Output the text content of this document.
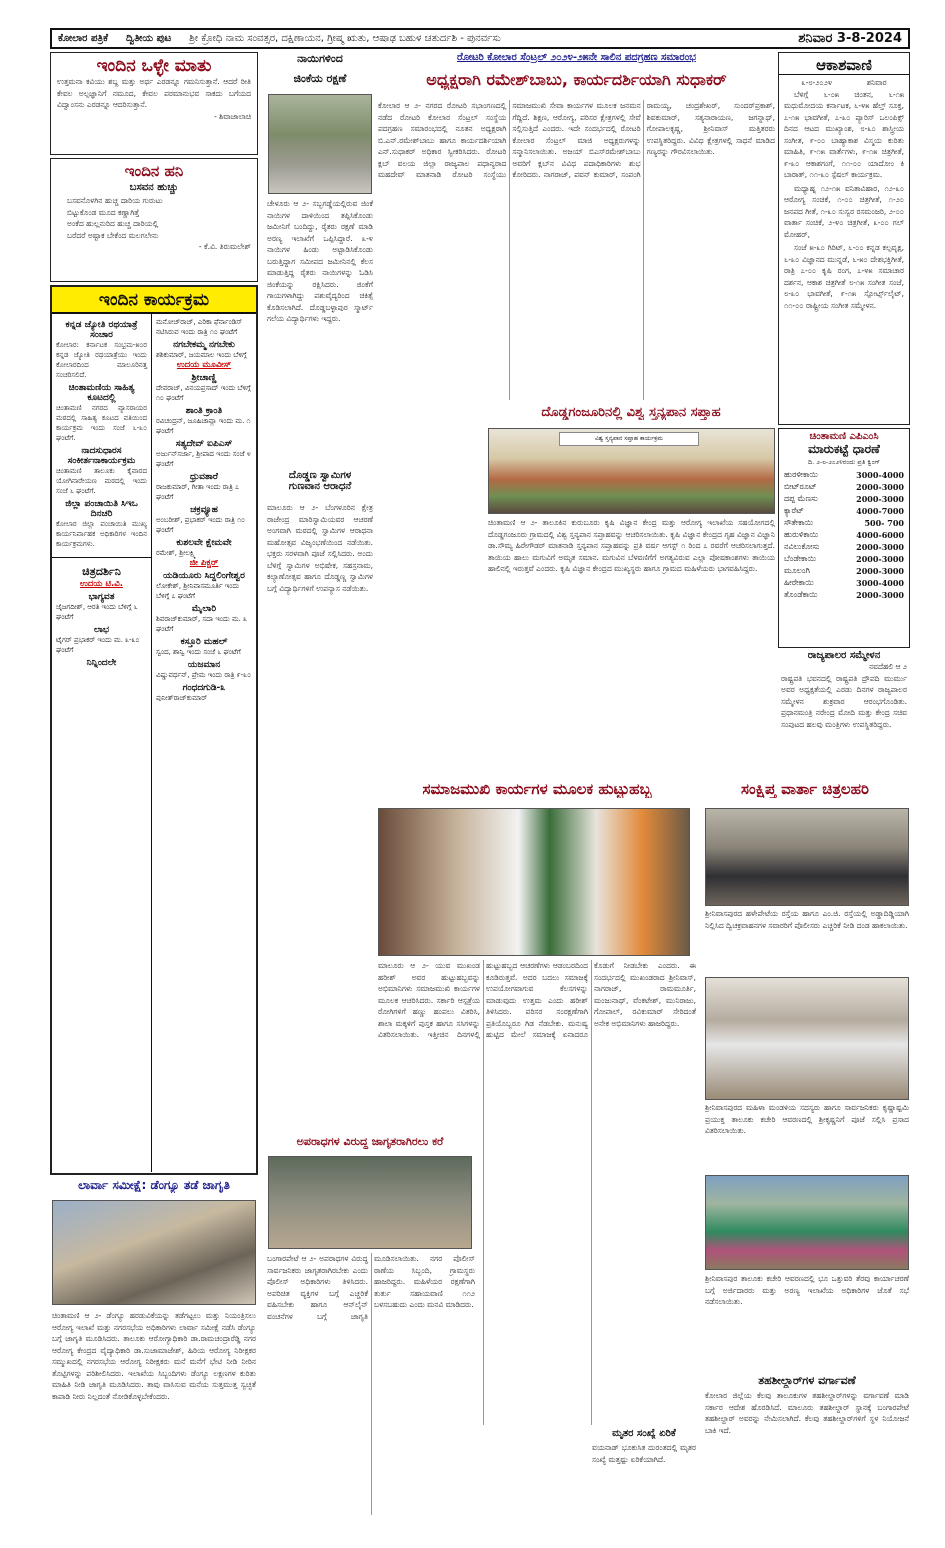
ಕೋಲಾರ ಪತ್ರಿಕೆ ದ್ವಿತೀಯ ಪುಟ ಶ್ರೀ ಕ್ರೋಧಿ ನಾಮ ಸಂವತ್ಸರ, ದಕ್ಷಿಣಾಯನ, ಗ್ರೀಷ್ಮ ಋತು, ಆಷಾಢ ಬಹುಳ ಚತುರ್ದಶಿ - ಪುನರ್ವಸು	ಶನಿವಾರ 3-8-2024
ಇಂದಿನ ಒಳ್ಳೇ ಮಾತು
ಉತ್ತಮನಾ ಕವಿಯು ಶಬ್ದ ಮತ್ತು ಅರ್ಥ ಎರಡನ್ನೂ ಗಮನಿಸುತ್ತಾನೆ. ಆದರೆ ರೀತಿ ಕೇವಲ ಅಲ್ಪಜ್ಞಾನಿಗೆ ನಮೂದ, ಕೇವಲ ಪರಮಾನುಭವ ಸಾಕದು ಬಗೆಯದ ವಿದ್ವಾಂಸನು ಎರಡನ್ನೂ ಆದರಿಸುತ್ತಾನೆ.
- ಶಿವಾಜಾಲಾಚಿ
ಇಂದಿನ ಹನಿ
ಬಸವನ ಹುಚ್ಚು
ಬಸವನೊಳಗಿನ ಹುಚ್ಚ ದಾರಿಯ ಗುರುಟು
ಬಿಟ್ಟುಕೊಂಡ ಮೂದ ಕಣ್ಣಾಗಿತ್ತೆ
ಅಂಕೆದ ಹುಲ್ಲನುರಿದ ಹುಚ್ಚ ದಾರಿಯಲ್ಲಿ
ಬರೆದರೆ ಅಷ್ಟಾಕ ಬೇಕೆಂದ ಮಲಗಲೇನು
- ಕೆ.ವಿ. ತಿರುಮಲೇಶ್
ಇಂದಿನ ಕಾರ್ಯಕ್ರಮ
ಕನ್ನಡ ಜ್ಯೋತಿ ರಥಯಾತ್ರೆ ಸಂಚಾರ
ಕೋಲಾರ: ಕರ್ನಾಟಕ ಸಂಭ್ರಮ-೫೦ರ ಕನ್ನಡ ಜ್ಯೋತಿ ರಥಯಾತ್ರೆಯು ಇಂದು ಕೋಲಾರದಿಂದ ಮಾಲೂರಿನತ್ತ ಸಂಚರಿಸಲಿದೆ.
ಚಿಂತಾಮಣಿಯ ಸಾಹಿತ್ಯ ಕೂಟದಲ್ಲಿ
ಚಿಂತಾಮಣಿ ನಗರದ ವ್ಯಾಸರಾಯರ ಮಠದಲ್ಲಿ ಸಾಹಿತ್ಯ ಕೂಟದ ವತಿಯಿಂದ ಕಾರ್ಯಕ್ರಮ ಇಂದು ಸಂಜೆ ೬-೩೦ ಘಂಟೆಗೆ.
ನಾದಸುಧಾರಸ ಸಂಕೀರ್ತನಾಕಾರ್ಯಕ್ರಮ
ಚಿಂತಾಮಣಿ ತಾಲೂಕು ಕೈವಾರದ ಯೋಗಿನಾರೇಯಣ ಮಠದಲ್ಲಿ ಇಂದು ಸಂಜೆ ೬ ಘಂಟೆಗೆ.
ಜಿಲ್ಲಾ ಪಂಚಾಯಿತಿ ಸಿಇಒ ದಿನಚರಿ
ಕೋಲಾರ ಜಿಲ್ಲಾ ಪಂಚಾಯಿತಿ ಮುಖ್ಯ ಕಾರ್ಯನಿರ್ವಾಹಕ ಅಧಿಕಾರಿಗಳ ಇಂದಿನ ಕಾರ್ಯಕ್ರಮಗಳು.
ಚಿತ್ರದರ್ಶಿನಿ
ಉದಯ ಟಿ.ವಿ.
ಭಾಗ್ಯವತ
ಜೈಜಗದೀಶ್, ಆರತಿ ಇಂದು ಬೆಳಿಗ್ಗೆ ೬ ಘಂಟೆಗೆ
ಲಾಭ
ಟೈಗರ್ ಪ್ರಭಾಕರ್ ಇಂದು ಮ. ೩-೩೦ ಘಂಟೆಗೆ
ನಿನ್ನಿಂದಲೇ
ಮನೋಜ್‌ರಾಜ್, ಎರಿಕಾ ಫೆರ್ನಾಂಡಿಸ್ ನಟಿಸಿರುವ ಇಂದು ರಾತ್ರಿ ೧೦ ಘಂಟೆಗೆ
ನಗಬೇಕಮ್ಮ ನಗಬೇಕು
ಶಶಿಕುಮಾರ್, ಜಯಮಾಲ ಇಂದು ಬೆಳಿಗ್ಗೆ
ಉದಯ ಮೂವೀಸ್
ಶ್ರೀಚಾಣ್ಣಿ
ದೇವರಾಜ್, ವಿನಯಪ್ರಸಾದ್ ಇಂದು ಬೆಳಿಗ್ಗೆ ೧೦ ಘಂಟೆಗೆ
ಶಾಂತಿ ಕ್ರಾಂತಿ
ರವಿಚಂದ್ರನ್, ಜೂಹಿಚಾವ್ಲಾ ಇಂದು ಮ. ೧ ಘಂಟೆಗೆ
ಸತ್ಯದೇವ್ ಐಪಿಎಸ್
ಅರ್ಜುನ್‌ಸರ್ಜಾ, ಶ್ರೀಪಾದ ಇಂದು ಸಂಜೆ ೪ ಘಂಟೆಗೆ
ಧ್ರುವತಾರೆ
ರಾಜಕುಮಾರ್, ಗೀತಾ ಇಂದು ರಾತ್ರಿ ೭ ಘಂಟೆಗೆ
ಚಕ್ರವ್ಯೂಹ
ಅಂಬರೀಶ್, ಪ್ರಭಾಕರ್ ಇಂದು ರಾತ್ರಿ ೧೦ ಘಂಟೆಗೆ
ಕುಶಲವೇ ಕ್ಷೇಮವೇ
ರಮೇಶ್, ಶ್ರೀಲಕ್ಷ್ಮಿ
ಜೀ ಪಿಕ್ಚರ್
ಯಡಿಯೂರು ಸಿದ್ದಲಿಂಗೇಶ್ವರ
ಲೋಕೇಶ್, ಶ್ರೀನಿವಾಸಮೂರ್ತಿ ಇಂದು ಬೆಳಿಗ್ಗೆ ೭ ಘಂಟೆಗೆ
ಮೈಲಾರಿ
ಶಿವರಾಜ್‌ಕುಮಾರ್, ಸದಾ ಇಂದು ಮ. ೩ ಘಂಟೆಗೆ
ಕಸ್ತೂರಿ ಮಹಲ್
ಸ್ವಂದ, ಶಾನ್ವಿ ಇಂದು ಸಂಜೆ ೬ ಘಂಟೆಗೆ
ಯಜಮಾನ
ವಿಷ್ಣುವರ್ಧನ್, ಪ್ರೇಮ ಇಂದು ರಾತ್ರಿ ೯-೩೦
ಗಂಧದಗುಡಿ-೩
ಪುನೀತ್‌ರಾಜ್‌ಕುಮಾರ್
ಲಾರ್ವಾ ಸಮೀಕ್ಷೆ: ಡೆಂಗ್ಯೂ ತಡೆ ಜಾಗೃತಿ
ಚಿಂತಾಮಣಿ ಆ ೨- ಡೆಂಗ್ಯೂ ಹರಡುವಿಕೆಯನ್ನು ತಡೆಗಟ್ಟಲು ಮತ್ತು ನಿಯಂತ್ರಿಸಲು ಆರೋಗ್ಯ ಇಲಾಖೆ ಮತ್ತು ನಗರಸಭೆಯ ಅಧಿಕಾರಿಗಳು ಲಾರ್ವಾ ಸಮೀಕ್ಷೆ ನಡೆಸಿ ಡೆಂಗ್ಯೂ ಬಗ್ಗೆ ಜಾಗೃತಿ ಮೂಡಿಸಿದರು. ತಾಲೂಕು ಆರೋಗ್ಯಾಧಿಕಾರಿ ಡಾ.ರಾಮಚಂದ್ರಾರೆಡ್ಡಿ ನಗರ ಆರೋಗ್ಯ ಕೇಂದ್ರದ ವೈದ್ಯಾಧಿಕಾರಿ ಡಾ.ಸುಜಾಮಾಜೇಶ್, ಹಿರಿಯ ಆರೋಗ್ಯ ನಿರೀಕ್ಷಕರ ಸಮ್ಮುಖದಲ್ಲಿ ನಗರಸಭೆಯ ಆರೋಗ್ಯ ನಿರೀಕ್ಷಕರು ಮನೆ ಮನೆಗೆ ಭೇಟಿ ನೀಡಿ ನೀರಿನ ತೊಟ್ಟಿಗಳನ್ನು ಪರಿಶೀಲಿಸಿದರು. ಇಲಾಖೆಯ ಸಿಬ್ಬಂದಿಗಳು ಡೆಂಗ್ಯೂ ಲಕ್ಷಣಗಳ ಕುರಿತು ಮಾಹಿತಿ ನೀಡಿ ಜಾಗೃತಿ ಮೂಡಿಸಿದರು. ತಾವು ವಾಸಿಸುವ ಮನೆಯ ಸುತ್ತಮುತ್ತ ಸ್ವಚ್ಛತೆ ಕಾಪಾಡಿ ನೀರು ನಿಲ್ಲದಂತೆ ನೋಡಿಕೊಳ್ಳಬೇಕೆಂದರು.
ನಾಯಿಗಳಿಂದ
ಜಿಂಕೆಯ ರಕ್ಷಣೆ
ಚೇಳೂರು ಆ ೨- ಸಬ್ಬಗಡ್ಡೆಯಲ್ಲಿರುವ ಜಿಂಕೆ ನಾಯಿಗಳ ದಾಳಿಯಿಂದ ತಪ್ಪಿಸಿಕೊಂಡು ಜಮೀನಿಗೆ ಬಂದಿದ್ದು, ರೈತರು ರಕ್ಷಣೆ ಮಾಡಿ ಅರಣ್ಯ ಇಲಾಖೆಗೆ ಒಪ್ಪಿಸಿದ್ದಾರೆ. ೩-೪ ನಾಯಿಗಳ ಹಿಂಡು ಅಟ್ಟಾಡಿಸಿಕೊಂಡು ಬರುತ್ತಿದ್ದಾಗ ಸಮೀಪದ ಜಮೀನಿನಲ್ಲಿ ಕೆಲಸ ಮಾಡುತ್ತಿದ್ದ ರೈತರು ನಾಯಿಗಳನ್ನು ಓಡಿಸಿ ಜಿಂಕೆಯನ್ನು ರಕ್ಷಿಸಿದರು. ಜಿಂಕೆಗೆ ಗಾಯಗಳಾಗಿದ್ದು ಪಶುವೈದ್ಯರಿಂದ ಚಿಕಿತ್ಸೆ ಕೊಡಿಸಲಾಗಿದೆ. ದೊಡ್ಡಬಳ್ಳಾಪುರ ಸ್ಮಾರ್ಟ್ ಗಲೆಯ ವಿದ್ಯಾರ್ಥಿಗಳು ಇದ್ದರು.
ದೊಡ್ಡಣ ಸ್ವಾಮಿಗಳ
ಗುಣವಾನ ಆರಾಧನೆ
ಮಾಲೂರು ಆ ೨- ಬೆಂಗಳೂರಿನ ಕ್ಷೇತ್ರ ರಾಜೇಂದ್ರ ಮಾರಿಸ್ವಾಮಿಯವರ ಆಚರಣೆ ಅಂಗವಾಗಿ ಮಠದಲ್ಲಿ ಸ್ವಾಮಿಗಳ ಆರಾಧನಾ ಮಹೋತ್ಸವ ವಿಜೃಂಭಣೆಯಿಂದ ನಡೆಯಿತು. ಭಕ್ತರು ಸರಳವಾಗಿ ಪೂಜೆ ಸಲ್ಲಿಸಿದರು. ಅಂದು ಬೆಳಿಗ್ಗೆ ಸ್ವಾಮಿಗಳ ಅಭಿಷೇಕ, ಸಹಸ್ರನಾಮ, ಕಲ್ಯಾಣೋತ್ಸವ ಹಾಗೂ ದೊಡ್ಡಣ್ಣ ಸ್ವಾಮಿಗಳ ಬಗ್ಗೆ ವಿದ್ಯಾರ್ಥಿಗಳಿಗೆ ಉಪನ್ಯಾಸ ನಡೆಯಿತು.
ಅಪರಾಧಗಳ ವಿರುದ್ಧ ಜಾಗೃತರಾಗಿರಲು ಕರೆ
ಬಂಗಾರಪೇಟೆ ಆ ೨- ಅಪರಾಧಗಳ ವಿರುದ್ಧ ಸಾರ್ವಜನಿಕರು ಜಾಗೃತರಾಗಿರಬೇಕು ಎಂದು ಪೊಲೀಸ್ ಅಧಿಕಾರಿಗಳು ತಿಳಿಸಿದರು. ಅಪರಿಚಿತ ವ್ಯಕ್ತಿಗಳ ಬಗ್ಗೆ ಎಚ್ಚರಿಕೆ ವಹಿಸಬೇಕು ಹಾಗೂ ಆನ್‌ಲೈನ್ ವಂಚನೆಗಳ ಬಗ್ಗೆ ಜಾಗೃತಿ ಮೂಡಿಸಲಾಯಿತು. ನಗರ ಪೊಲೀಸ್ ಠಾಣೆಯ ಸಿಬ್ಬಂದಿ, ಗ್ರಾಮಸ್ಥರು ಹಾಜರಿದ್ದರು. ಮಹಿಳೆಯರ ರಕ್ಷಣೆಗಾಗಿ ತುರ್ತು ಸಹಾಯವಾಣಿ ೧೧೨ ಬಳಸಬಹುದು ಎಂದು ಮನವಿ ಮಾಡಿದರು.
ರೋಟರಿ ಕೋಲಾರ ಸೆಂಟ್ರಲ್ ೨೦೨೪-೨೫ನೇ ಸಾಲಿನ ಪದಗ್ರಹಣ ಸಮಾರಂಭ
ಅಧ್ಯಕ್ಷರಾಗಿ ರಮೇಶ್‌ಬಾಬು, ಕಾರ್ಯದರ್ಶಿಯಾಗಿ ಸುಧಾಕರ್
ಕೋಲಾರ ಆ ೨- ನಗರದ ರೋಟರಿ ಸಭಾಂಗಣದಲ್ಲಿ ನಡೆದ ರೋಟರಿ ಕೋಲಾರ ಸೆಂಟ್ರಲ್ ಸಂಸ್ಥೆಯ ಪದಗ್ರಹಣ ಸಮಾರಂಭದಲ್ಲಿ ನೂತನ ಅಧ್ಯಕ್ಷರಾಗಿ ಬಿ.ಎನ್.ರಮೇಶ್‌ಬಾಬು ಹಾಗೂ ಕಾರ್ಯದರ್ಶಿಯಾಗಿ ಎನ್.ಸುಧಾಕರ್ ಅಧಿಕಾರ ಸ್ವೀಕರಿಸಿದರು. ರೋಟರಿ ಕ್ಲಬ್ ವಲಯ ಜಿಲ್ಲಾ ರಾಜ್ಯಪಾಲ ಪಧಾನ್ಯರಾದ ಮಹದೇವ್ ಮಾತನಾಡಿ ರೋಟರಿ ಸಂಸ್ಥೆಯು ಸಮಾಜಮುಖಿ ಸೇವಾ ಕಾರ್ಯಗಳ ಮೂಲಕ ಜನಮನ ಗೆದ್ದಿದೆ. ಶಿಕ್ಷಣ, ಆರೋಗ್ಯ, ಪರಿಸರ ಕ್ಷೇತ್ರಗಳಲ್ಲಿ ಸೇವೆ ಸಲ್ಲಿಸುತ್ತಿದೆ ಎಂದರು. ಇದೇ ಸಂದರ್ಭದಲ್ಲಿ ರೋಟರಿ ಕೋಲಾರ ಸೆಂಟ್ರಲ್ ಮಾಜಿ ಅಧ್ಯಕ್ಷರುಗಳನ್ನು ಸನ್ಮಾನಿಸಲಾಯಿತು. ಅಜಯ್ ಬಿಎಸ್‌ರಮೇಶ್‌ಬಾಬು ಅವರಿಗೆ ಕ್ಲಬ್‌ನ ವಿವಿಧ ಪದಾಧಿಕಾರಿಗಳು ಶುಭ ಕೋರಿದರು. ನಾಗರಾಜ್, ಪವನ್ ಕುಮಾರ್, ಸಂಪಂಗಿ ರಾಮಯ್ಯ, ಚಂದ್ರಶೇಖರ್, ಸುಂದರ್‌ಪ್ರಕಾಶ್, ಶಿವಕುಮಾರ್, ಸತ್ಯನಾರಾಯಣ, ಜಗನ್ನಾಥ್, ಗೋಪಾಲಕೃಷ್ಣ, ಶ್ರೀನಿವಾಸ್ ಮತ್ತಿತರರು ಉಪಸ್ಥಿತರಿದ್ದರು. ವಿವಿಧ ಕ್ಷೇತ್ರಗಳಲ್ಲಿ ಸಾಧನೆ ಮಾಡಿದ ಗಣ್ಯರನ್ನು ಗೌರವಿಸಲಾಯಿತು.
ದೊಡ್ಡಗಂಜೂರಿನಲ್ಲಿ ವಿಶ್ವ ಸ್ತನ್ಯಪಾನ ಸಪ್ತಾಹ
ವಿಶ್ವ ಸ್ತನ್ಯಪಾನ ಸಪ್ತಾಹ ಕಾರ್ಯಕ್ರಮ
ಚಿಂತಾಮಣಿ ಆ ೨- ತಾಲೂಕಿನ ಕುರುಬೂರು ಕೃಷಿ ವಿಜ್ಞಾನ ಕೇಂದ್ರ ಮತ್ತು ಆರೋಗ್ಯ ಇಲಾಖೆಯ ಸಹಯೋಗದಲ್ಲಿ ದೊಡ್ಡಗಂಜೂರು ಗ್ರಾಮದಲ್ಲಿ ವಿಶ್ವ ಸ್ತನ್ಯಪಾನ ಸಪ್ತಾಹವನ್ನು ಆಚರಿಸಲಾಯಿತು. ಕೃಷಿ ವಿಜ್ಞಾನ ಕೇಂದ್ರದ ಗೃಹ ವಿಜ್ಞಾನ ವಿಜ್ಞಾನಿ ಡಾ.ಸೌಮ್ಯ ಹಿರೇಗೌಡರ್ ಮಾತನಾಡಿ ಸ್ತನ್ಯಪಾನ ಸಪ್ತಾಹವನ್ನು ಪ್ರತಿ ವರ್ಷ ಆಗಸ್ಟ್ ೧ ರಿಂದ ೭ ರವರೆಗೆ ಆಚರಿಸಲಾಗುತ್ತದೆ. ತಾಯಿಯ ಹಾಲು ಮಗುವಿಗೆ ಅಮೃತ ಸಮಾನ. ಮಗುವಿನ ಬೆಳವಣಿಗೆಗೆ ಅಗತ್ಯವಿರುವ ಎಲ್ಲಾ ಪೋಷಕಾಂಶಗಳು ತಾಯಿಯ ಹಾಲಿನಲ್ಲಿ ಇರುತ್ತವೆ ಎಂದರು. ಕೃಷಿ ವಿಜ್ಞಾನ ಕೇಂದ್ರದ ಮುಖ್ಯಸ್ಥರು ಹಾಗೂ ಗ್ರಾಮದ ಮಹಿಳೆಯರು ಭಾಗವಹಿಸಿದ್ದರು.
ಸಮಾಜಮುಖಿ ಕಾರ್ಯಗಳ ಮೂಲಕ ಹುಟ್ಟುಹಬ್ಬ
ಮಾಲೂರು ಆ ೨- ಯುವ ಮುಖಂಡ ಹರೀಶ್ ಅವರ ಹುಟ್ಟುಹಬ್ಬವನ್ನು ಅಭಿಮಾನಿಗಳು ಸಮಾಜಮುಖಿ ಕಾರ್ಯಗಳ ಮೂಲಕ ಆಚರಿಸಿದರು. ಸರ್ಕಾರಿ ಆಸ್ಪತ್ರೆಯ ರೋಗಿಗಳಿಗೆ ಹಣ್ಣು ಹಂಪಲು ವಿತರಿಸಿ, ಶಾಲಾ ಮಕ್ಕಳಿಗೆ ಪುಸ್ತಕ ಹಾಗೂ ಸಸಿಗಳನ್ನು ವಿತರಿಸಲಾಯಿತು. ಇತ್ತೀಚಿನ ದಿನಗಳಲ್ಲಿ ಹುಟ್ಟುಹಬ್ಬದ ಆಚರಣೆಗಳು ಆಡಂಬರದಿಂದ ಕೂಡಿರುತ್ತವೆ. ಅದರ ಬದಲು ಸಮಾಜಕ್ಕೆ ಉಪಯೋಗವಾಗುವ ಕೆಲಸಗಳನ್ನು ಮಾಡುವುದು ಉತ್ತಮ ಎಂದು ಹರೀಶ್ ತಿಳಿಸಿದರು. ಪರಿಸರ ಸಂರಕ್ಷಣೆಗಾಗಿ ಪ್ರತಿಯೊಬ್ಬರೂ ಗಿಡ ನೆಡಬೇಕು. ಮನುಷ್ಯ ಹುಟ್ಟಿದ ಮೇಲೆ ಸಮಾಜಕ್ಕೆ ಏನಾದರೂ ಕೊಡುಗೆ ನೀಡಬೇಕು ಎಂದರು. ಈ ಸಂದರ್ಭದಲ್ಲಿ ಮುಖಂಡರಾದ ಶ್ರೀನಿವಾಸ್, ನಾಗರಾಜ್, ರಾಮಮೂರ್ತಿ, ಮಂಜುನಾಥ್, ವೆಂಕಟೇಶ್, ಮುನಿರಾಜು, ಗೋಪಾಲ್, ರವಿಕುಮಾರ್ ಸೇರಿದಂತೆ ಅನೇಕ ಅಭಿಮಾನಿಗಳು ಹಾಜರಿದ್ದರು.
ಮೃತರ ಸಂಖ್ಯೆ ಏರಿಕೆ
ವಯನಾಡ್ ಭೂಕುಸಿತ ದುರಂತದಲ್ಲಿ ಮೃತರ ಸಂಖ್ಯೆ ಮತ್ತಷ್ಟು ಏರಿಕೆಯಾಗಿದೆ.
ಆಕಾಶವಾಣಿ
೩-೮-೨೦೨೪	ಶನಿವಾರ

ಬೆಳಿಗ್ಗೆ ೬-೦೫ ಚಿಂತನ, ೬-೧೫ ಮಧುಮೋದಯ ಕರ್ನಾಟಕ, ೬-೪೫ ಹೆಲ್ತ್ ಸೂಕ್ತ, ೭-೧೫ ಭಾವಗೀತೆ, ೭-೩೦ ಪ್ಯಾರಿಸ್ ಒಲಂಪಿಕ್ಸ್ ದಿನದ ಆಟದ ಮುಖ್ಯಾಂಶ, ೮-೩೦ ಶಾಸ್ತ್ರೀಯ ಸಂಗೀತ, ೯-೦೦ ಬಾಹ್ಯಾಕಾಶ ವಿಸ್ಮಯ ಕುರಿತು ಮಾಹಿತಿ, ೯-೧೫ ವಾರ್ತೆಗಳು, ೯-೧೫ ಚಿತ್ರಗೀತೆ, ೯-೩೦ ಆಕಾಶಗಂಗೆ, ೧೧-೦೦ ಯಾದೋಂ ಕಿ ಬಾರಾತ್, ೧೧-೩೦ ಸ್ಪೆಷಲ್ ಕಾರ್ಯಕ್ರಮ.

ಮಧ್ಯಾಹ್ನ ೧೨-೧೫ ವನಿತಾವಿಹಾರ, ೧೨-೩೦ ಆರೋಗ್ಯ ಸಂಚಿಕೆ, ೧-೦೦ ಚಿತ್ರಗೀತೆ, ೧-೨೦ ಜನಪದ ಗೀತೆ, ೧-೩೦ ಸುಸ್ವರ ರಸಮಂಜರಿ, ೨-೦೦ ವಾರ್ತಾ ಸಂಚಿಕೆ, ೨-೪೦ ಚಿತ್ರಗೀತೆ, ೩-೦೦ ಗಲ್ ಮೋಹರ್,

ಸಂಜೆ ೫-೩೦ ಗಿರಿಟ್, ೬-೦೦ ಕನ್ನಡ ಕಲ್ಪವೃಕ್ಷ, ೬-೩೦ ವಿಜ್ಞಾನದ ಮುನ್ನಡೆ, ೬-೫೦ ದೇಶಭಕ್ತಿಗೀತೆ, ರಾತ್ರಿ ೭-೦೦ ಕೃಷಿ ರಂಗ, ೭-೪೫ ಸಮಾಚಾರ ದರ್ಶನ, ಆಕಾಶ ಚಿತ್ರಗೀತೆ ೮-೧೫ ಸಂಗೀತ ಸಂಜೆ, ೮-೩೦ ಭಾವಗೀತೆ, ೯-೧೫ ಸ್ಪೋರ್ಟ್ಸ್‌ಲೈಟ್, ೧೧-೦೦ ರಾಷ್ಟ್ರೀಯ ಸಂಗೀತ ಸಮ್ಮೇಳನ.

ಚಿಂತಾಮಣಿ ಎಪಿಎಂಸಿ
ಮಾರುಕಟ್ಟೆ ಧಾರಣೆ
ದಿ. ೨-೮-೨೦೨೪ರಂದು ಪ್ರತಿ ಕ್ವಿಂಗ್
ಹುರಳೀಕಾಯಿ	3000-4000
ಬೀಟ್‌ರೂಟ್	2000-3000
ದಪ್ಪ ಮೆಣಸು	2000-3000
ಕ್ಯಾರೆಟ್	4000-7000
ಸೌತೇಕಾಯಿ	500- 700
ಹುರುಳಿಕಾಯಿ	4000-6000
ನವಿಲುಕೋಸು	2000-3000
ಬೆಂಡೇಕಾಯಿ	2000-3000
ಮೂಲಂಗಿ	2000-3000
ಹೀರೇಕಾಯಿ	3000-4000
ತೊಂಡೆಕಾಯಿ	2000-3000
ರಾಜ್ಯಪಾಲರ ಸಮ್ಮೇಳನ
ನವದೆಹಲಿ ಆ ೨
ರಾಷ್ಟ್ರಪತಿ ಭವನದಲ್ಲಿ ರಾಷ್ಟ್ರಪತಿ ದ್ರೌಪದಿ ಮುರ್ಮು ಅವರ ಅಧ್ಯಕ್ಷತೆಯಲ್ಲಿ ಎರಡು ದಿನಗಳ ರಾಜ್ಯಪಾಲರ ಸಮ್ಮೇಳನ ಶುಕ್ರವಾರ ಆರಂಭಗೊಂಡಿತು. ಪ್ರಧಾನಮಂತ್ರಿ ನರೇಂದ್ರ ಮೋದಿ ಮತ್ತು ಕೇಂದ್ರ ಸಚಿವ ಸಂಪುಟದ ಹಲವು ಮಂತ್ರಿಗಳು ಉಪಸ್ಥಿತರಿದ್ದರು.
ಸಂಕ್ಷಿಪ್ತ ವಾರ್ತಾ ಚಿತ್ರಲಹರಿ
ಶ್ರೀನಿವಾಸಪುರದ ಹಳೇಪೇಟೆಯ ರಸ್ತೆಯ ಹಾಗೂ ಎಂ.ಜಿ. ರಸ್ತೆಯಲ್ಲಿ ಅಡ್ಡಾದಿಡ್ಡಿಯಾಗಿ ನಿಲ್ಲಿಸಿದ ದ್ವಿಚಕ್ರವಾಹನಗಳ ಸವಾರರಿಗೆ ಪೊಲೀಸರು ಎಚ್ಚರಿಕೆ ನೀಡಿ ದಂಡ ಹಾಕಲಾಯಿತು.
ಶ್ರೀನಿವಾಸಪುರದ ಮಹಿಳಾ ಮಂಡಳಿಯ ಸದಸ್ಯರು ಹಾಗೂ ಸಾರ್ವಜನಿಕರು ಕೃಷ್ಣಾಷ್ಟಮಿ ಪ್ರಯುಕ್ತ ತಾಲೂಕು ಕಚೇರಿ ಆವರಣದಲ್ಲಿ ಶ್ರೀಕೃಷ್ಣನಿಗೆ ಪೂಜೆ ಸಲ್ಲಿಸಿ ಪ್ರಸಾದ ವಿತರಿಸಲಾಯಿತು.
ಶ್ರೀನಿವಾಸಪುರ ತಾಲೂಕು ಕಚೇರಿ ಆವರಣದಲ್ಲಿ ಭೂ ಒತ್ತುವರಿ ತೆರವು ಕಾರ್ಯಾಚರಣೆ ಬಗ್ಗೆ ಅರ್ಜಿದಾರರು ಮತ್ತು ಅರಣ್ಯ ಇಲಾಖೆಯ ಅಧಿಕಾರಿಗಳ ಜೊತೆ ಸಭೆ ನಡೆಸಲಾಯಿತು.
ತಹಶೀಲ್ದಾರ್‌ಗಳ ವರ್ಗಾವಣೆ
ಕೋಲಾರ ಜಿಲ್ಲೆಯ ಕೆಲವು ತಾಲೂಕುಗಳ ತಹಶೀಲ್ದಾರ್‌ಗಳನ್ನು ವರ್ಗಾವಣೆ ಮಾಡಿ ಸರ್ಕಾರ ಆದೇಶ ಹೊರಡಿಸಿದೆ. ಮಾಲೂರು ತಹಶೀಲ್ದಾರ್ ಸ್ಥಾನಕ್ಕೆ ಬಂಗಾರಪೇಟೆ ತಹಶೀಲ್ದಾರ್ ಅವರನ್ನು ನೇಮಿಸಲಾಗಿದೆ. ಕೆಲವು ತಹಶೀಲ್ದಾರ್‌ಗಳಿಗೆ ಸ್ಥಳ ನಿಯೋಜನೆ ಬಾಕಿ ಇದೆ.
